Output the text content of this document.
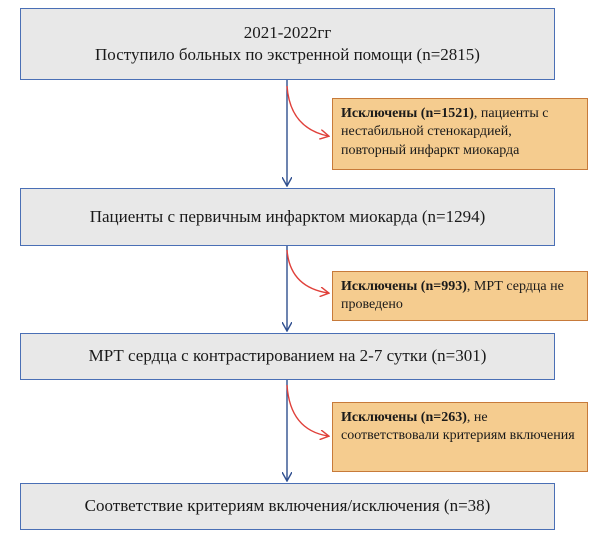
2021-2022гг
Поступило больных по экстренной помощи (n=2815)
Исключены (n=1521), пациенты с нестабильной стенокардией, повторный инфаркт миокарда
Пациенты с первичным инфарктом миокарда (n=1294)
Исключены (n=993), МРТ сердца не проведено
МРТ сердца с контрастированием на 2-7 сутки (n=301)
Исключены (n=263), не соответствовали критериям включения
Соответствие критериям включения/исключения (n=38)
